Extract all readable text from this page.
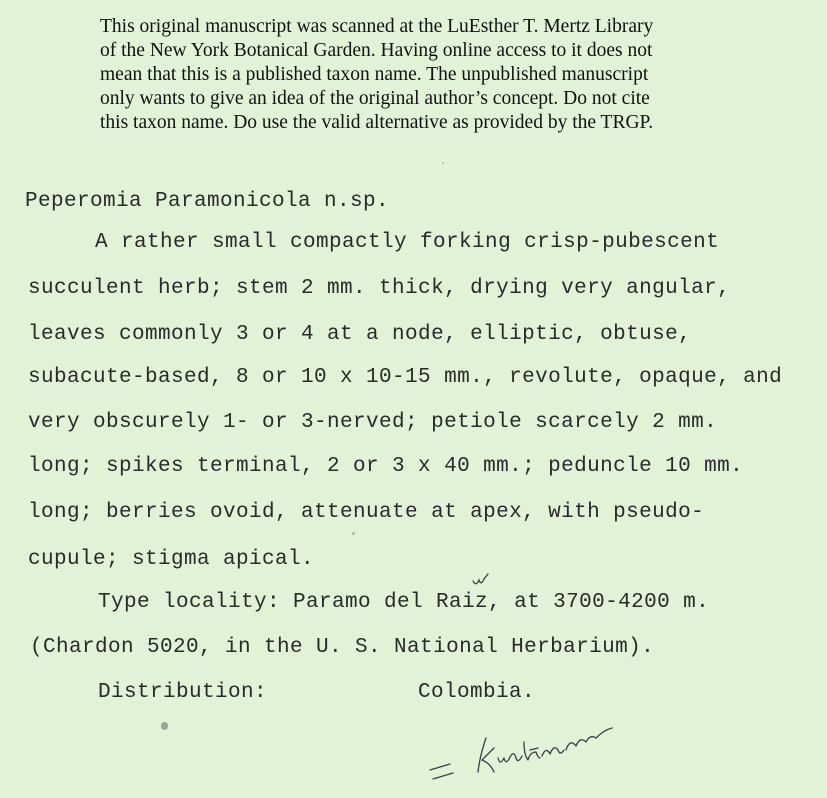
This original manuscript was scanned at the LuEsther T. Mertz Library
of the New York Botanical Garden. Having online access to it does not
mean that this is a published taxon name. The unpublished manuscript
only wants to give an idea of the original author’s concept. Do not cite
this taxon name. Do use the valid alternative as provided by the TRGP.
Peperomia Paramonicola n.sp.
A rather small compactly forking crisp-pubescent
succulent herb; stem 2 mm. thick, drying very angular,
leaves commonly 3 or 4 at a node, elliptic, obtuse,
subacute-based, 8 or 10 x 10-15 mm., revolute, opaque, and
very obscurely 1- or 3-nerved; petiole scarcely 2 mm.
long; spikes terminal, 2 or 3 x 40 mm.; peduncle 10 mm.
long; berries ovoid, attenuate at apex, with pseudo-
cupule; stigma apical.
Type locality: Paramo del Raiz, at 3700-4200 m.
(Chardon 5020, in the U. S. National Herbarium).
Distribution:	Colombia.
